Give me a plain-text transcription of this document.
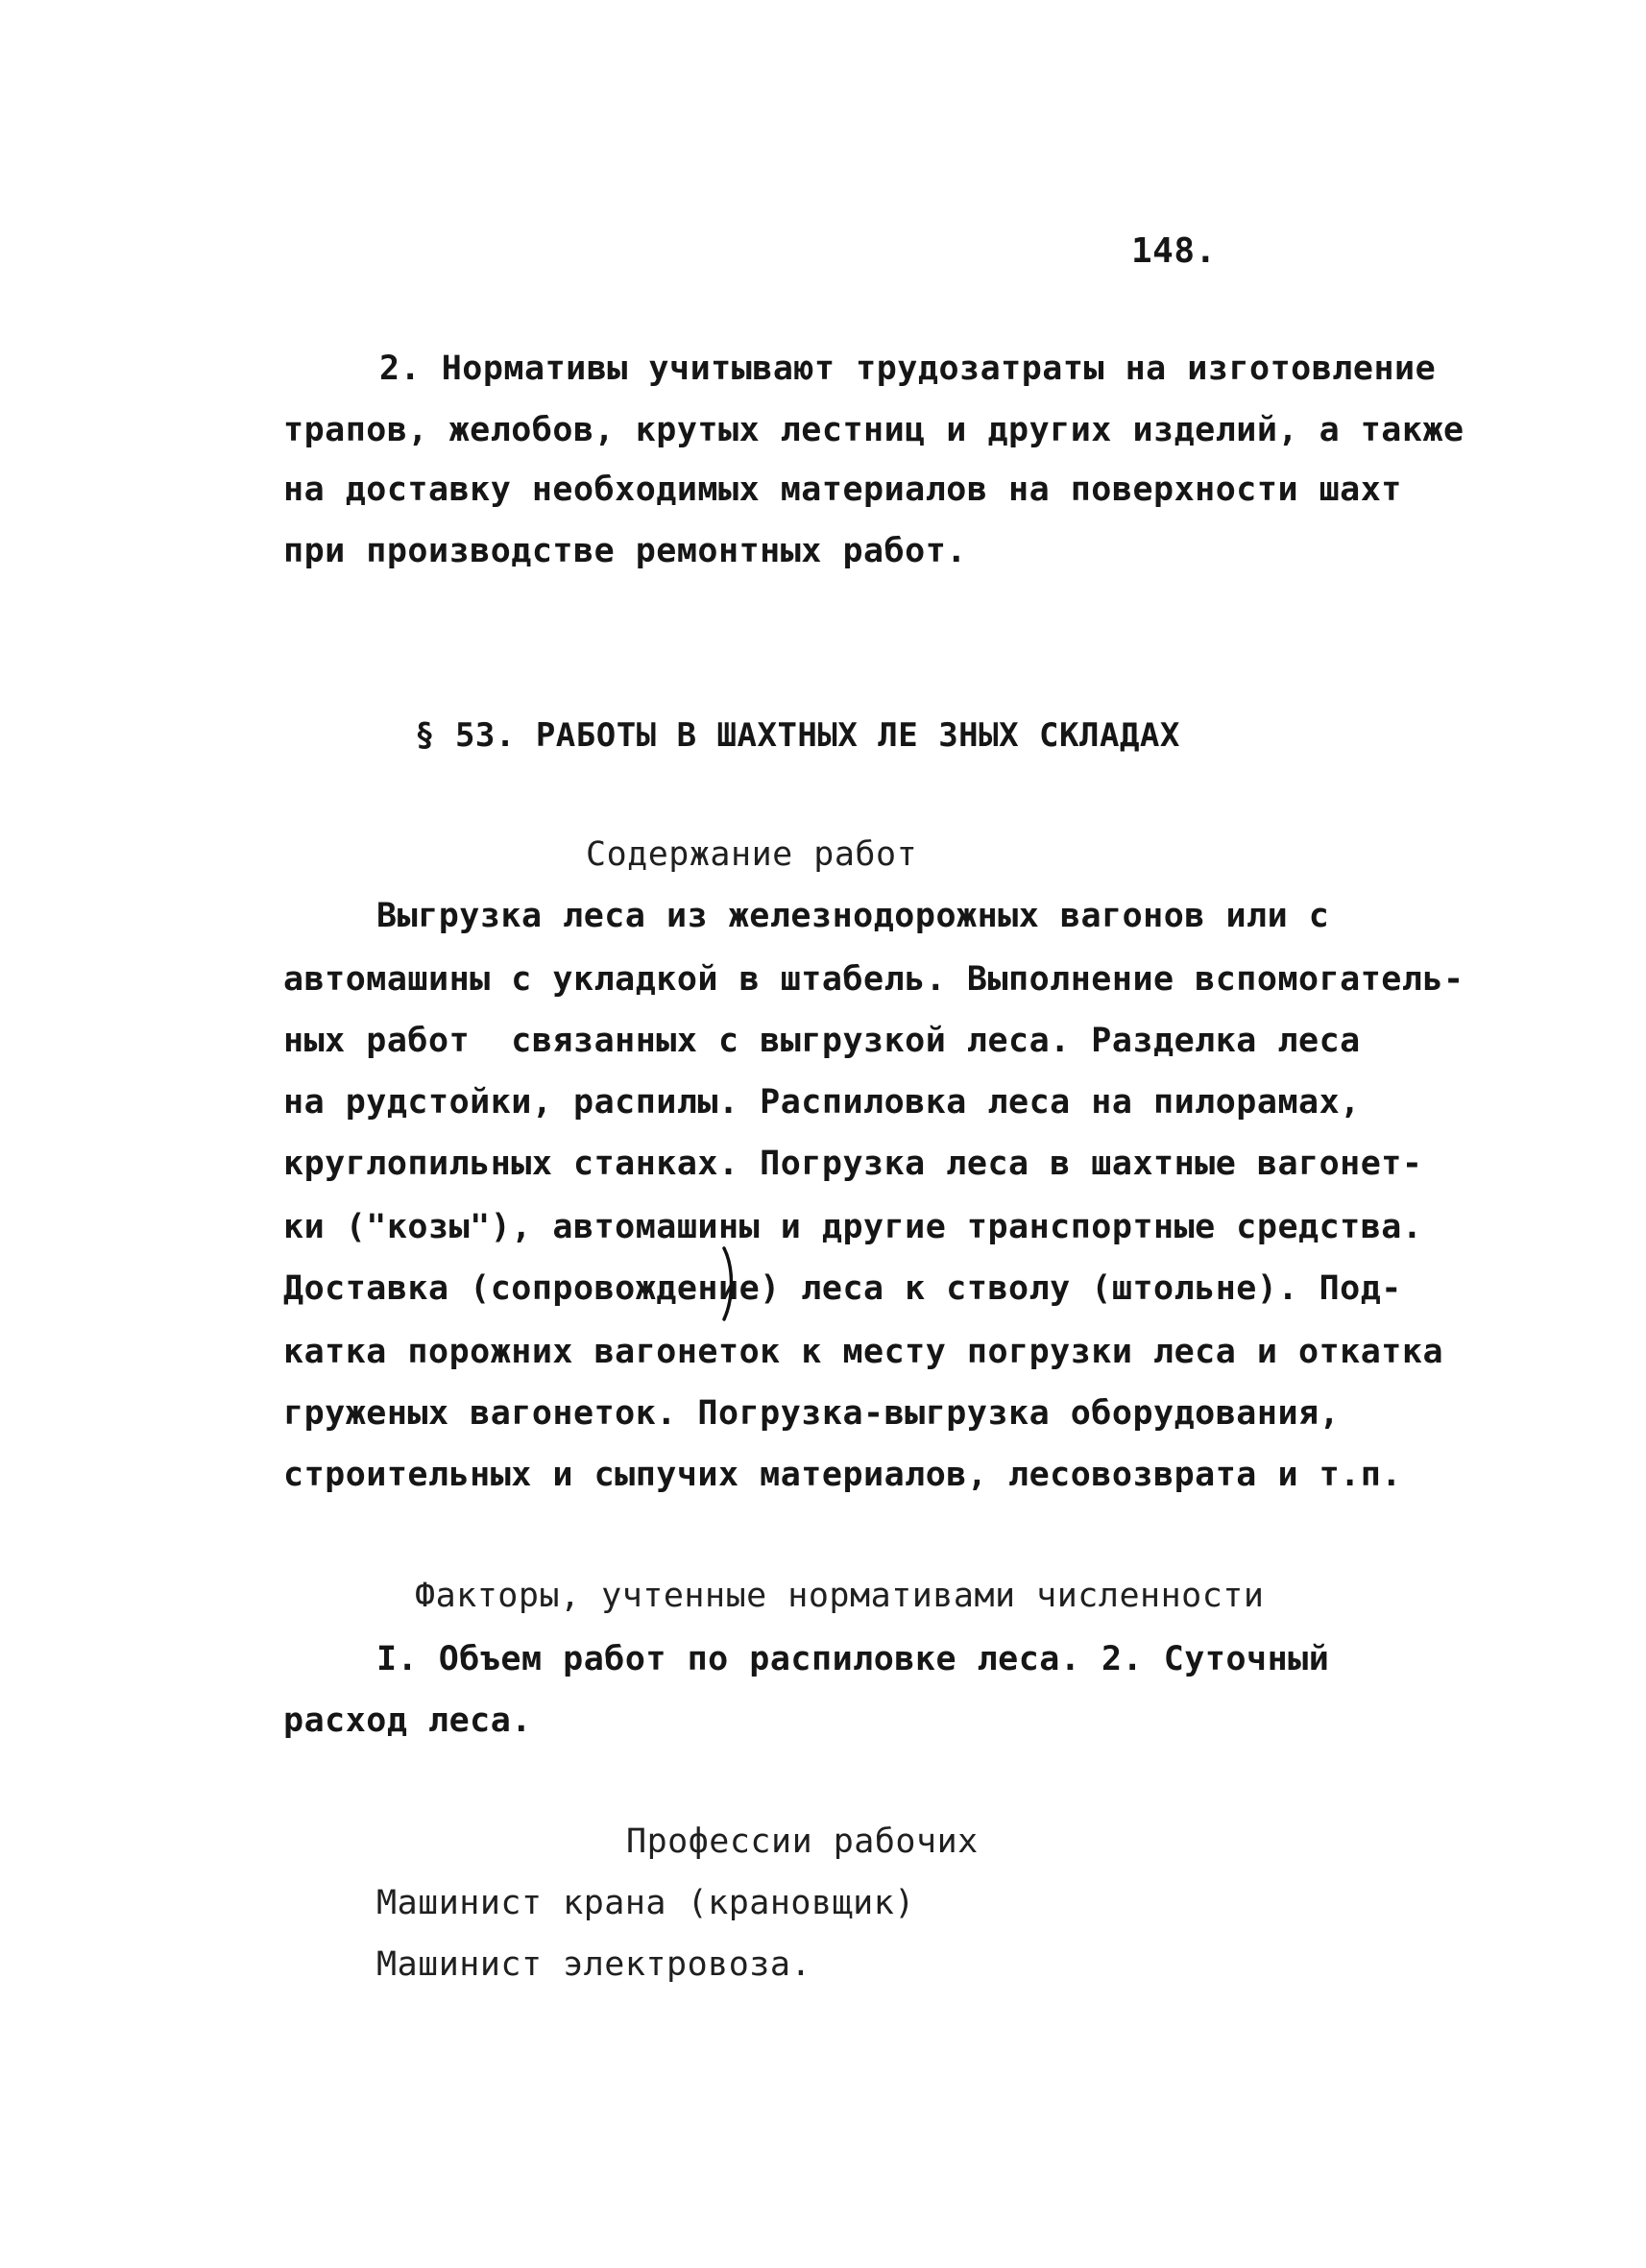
148.
2. Нормативы учитывают трудозатраты на изготовление
трапов, желобов, крутых лестниц и других изделий, а также
на доставку необходимых материалов на поверхности шахт
при производстве ремонтных работ.
§ 53. РАБОТЫ В ШАХТНЫХ ЛЕ ЗНЫХ СКЛАДАХ
Содержание работ
Выгрузка леса из железнодорожных вагонов или с
автомашины с укладкой в штабель. Выполнение вспомогатель-
ных работ  связанных с выгрузкой леса. Разделка леса
на рудстойки, распилы. Распиловка леса на пилорамах,
круглопильных станках. Погрузка леса в шахтные вагонет-
ки ("козы"), автомашины и другие транспортные средства.
Доставка (сопровождение) леса к стволу (штольне). Под-
катка порожних вагонеток к месту погрузки леса и откатка
груженых вагонеток. Погрузка-выгрузка оборудования,
строительных и сыпучих материалов, лесовозврата и т.п.
Факторы, учтенные нормативами численности
I. Объем работ по распиловке леса. 2. Суточный
расход леса.
Профессии рабочих
Машинист крана (крановщик)
Машинист электровоза.
